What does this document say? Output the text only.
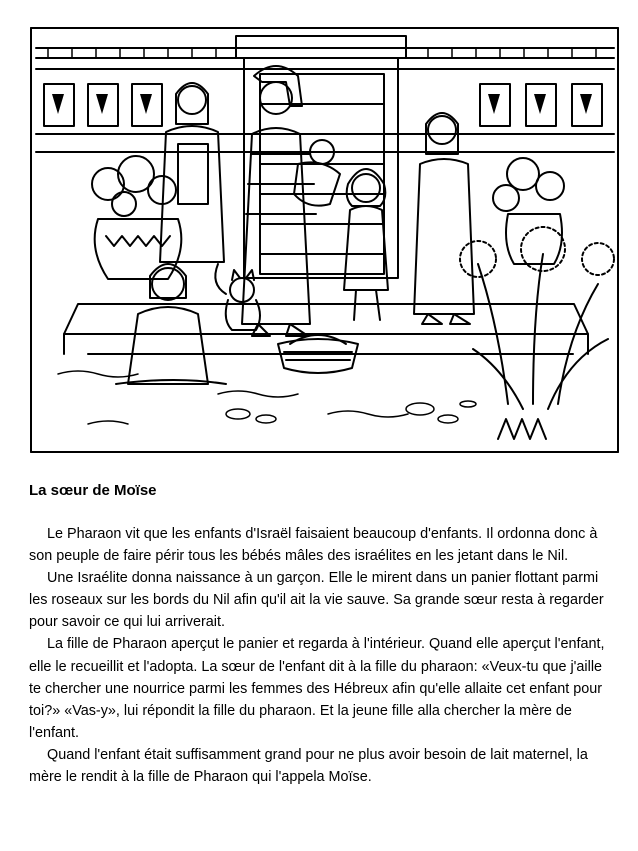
La sœur de Moïse

Le Pharaon vit que les enfants d'Israël faisaient beaucoup d'enfants. Il ordonna donc à son peuple de faire périr tous les bébés mâles des israélites en les jetant dans le Nil.

Une Israélite donna naissance à un garçon. Elle le mirent dans un panier flottant parmi les roseaux sur les bords du Nil afin qu'il ait la vie sauve. Sa grande sœur resta à regarder pour savoir ce qui lui arriverait.

La fille de Pharaon aperçut le panier et regarda à l'intérieur. Quand elle aperçut l'enfant, elle le recueillit et l'adopta. La sœur de l'enfant dit à la fille du pharaon: «Veux-tu que j'aille te chercher une nourrice parmi les femmes des Hébreux afin qu'elle allaite cet enfant pour toi?» «Vas-y», lui répondit la fille du pharaon. Et la jeune fille alla chercher la mère de l'enfant.

Quand l'enfant était suffisamment grand pour ne plus avoir besoin de lait maternel, la mère le rendit à la fille de Pharaon qui l'appela Moïse.
